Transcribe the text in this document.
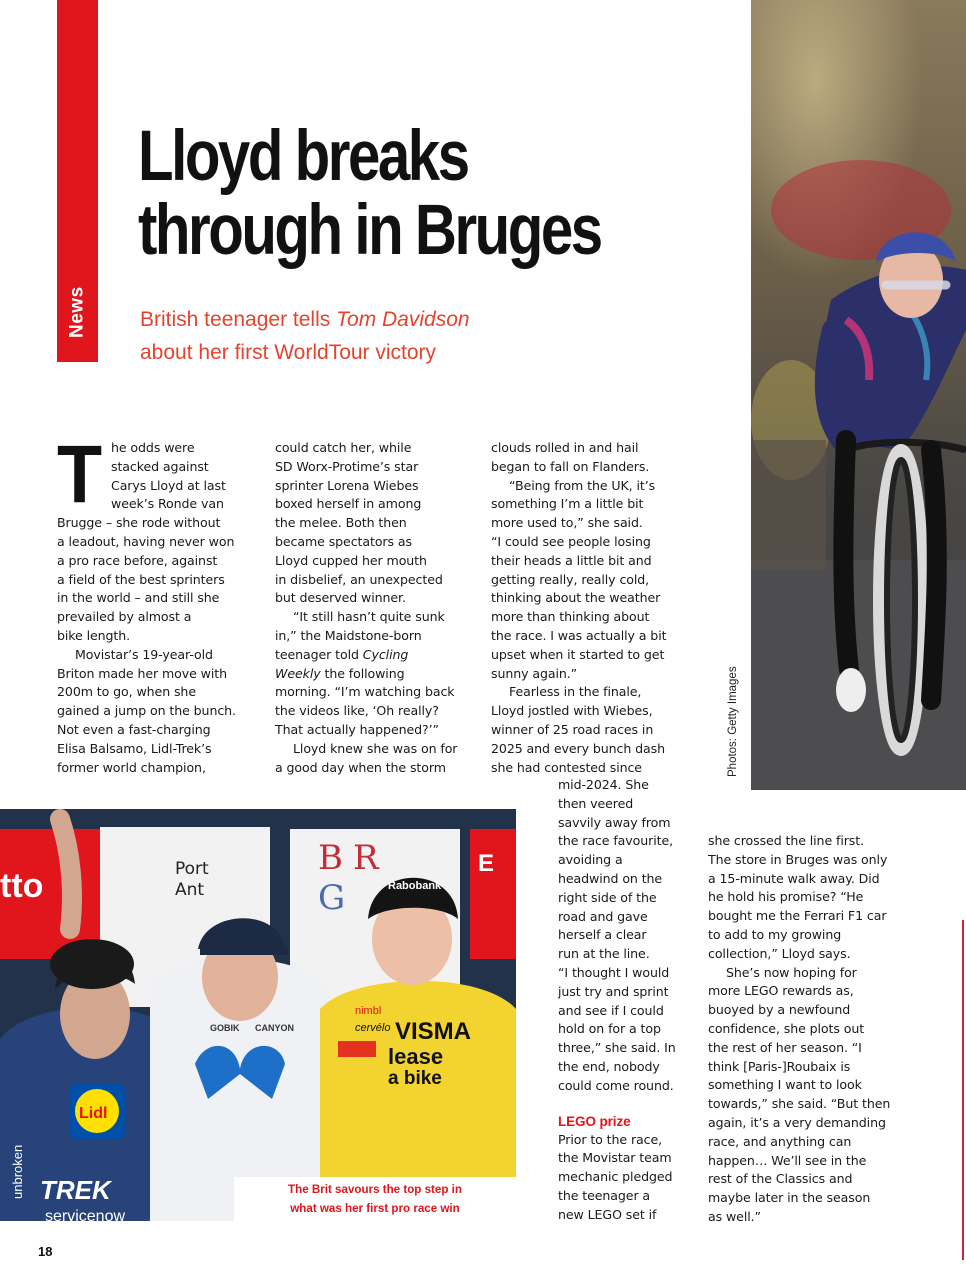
News
Lloyd breaks
through in Bruges
British teenager tells Tom Davidson
about her first WorldTour victory
T he odds were
stacked against
Carys Lloyd at last
week’s Ronde van
Brugge – she rode without
a leadout, having never won
a pro race before, against
a field of the best sprinters
in the world – and still she
prevailed by almost a
bike length.
Movistar’s 19-year-old
Briton made her move with
200m to go, when she
gained a jump on the bunch.
Not even a fast-charging
Elisa Balsamo, Lidl-Trek’s
former world champion,
could catch her, while
SD Worx-Protime’s star
sprinter Lorena Wiebes
boxed herself in among
the melee. Both then
became spectators as
Lloyd cupped her mouth
in disbelief, an unexpected
but deserved winner.
“It still hasn’t quite sunk
in,” the Maidstone-born
teenager told Cycling
Weekly the following
morning. “I’m watching back
the videos like, ‘Oh really?
That actually happened?’”
Lloyd knew she was on for
a good day when the storm
clouds rolled in and hail
began to fall on Flanders.
“Being from the UK, it’s
something I’m a little bit
more used to,” she said.
“I could see people losing
their heads a little bit and
getting really, really cold,
thinking about the weather
more than thinking about
the race. I was actually a bit
upset when it started to get
sunny again.”
Fearless in the finale,
Lloyd jostled with Wiebes,
winner of 25 road races in
2025 and every bunch dash
she had contested since
mid-2024. She
then veered
savvily away from
the race favourite,
avoiding a
headwind on the
right side of the
road and gave
herself a clear
run at the line.
“I thought I would
just try and sprint
and see if I could
hold on for a top
three,” she said. In
the end, nobody
could come round.
LEGO prize
Prior to the race,
the Movistar team
mechanic pledged
the teenager a
new LEGO set if
she crossed the line first.
The store in Bruges was only
a 15-minute walk away. Did
he hold his promise? “He
bought me the Ferrari F1 car
to add to my growing
collection,” Lloyd says.
She’s now hoping for
more LEGO rewards as,
buoyed by a newfound
confidence, she plots out
the rest of her season. “I
think [Paris-]Roubaix is
something I want to look
towards,” she said. “But then
again, it’s a very demanding
race, and anything can
happen… We’ll see in the
rest of the Classics and
maybe later in the season
as well.”
Photos: Getty Images
Port
Ant
BR
G
tto
E
Lidl
TREK
servicenow
unbroken
GOBIK CANYON
Rabobank
VISMA
lease
a bike
nimbl
cervélo
The Brit savours the top step in
what was her first pro race win
18
